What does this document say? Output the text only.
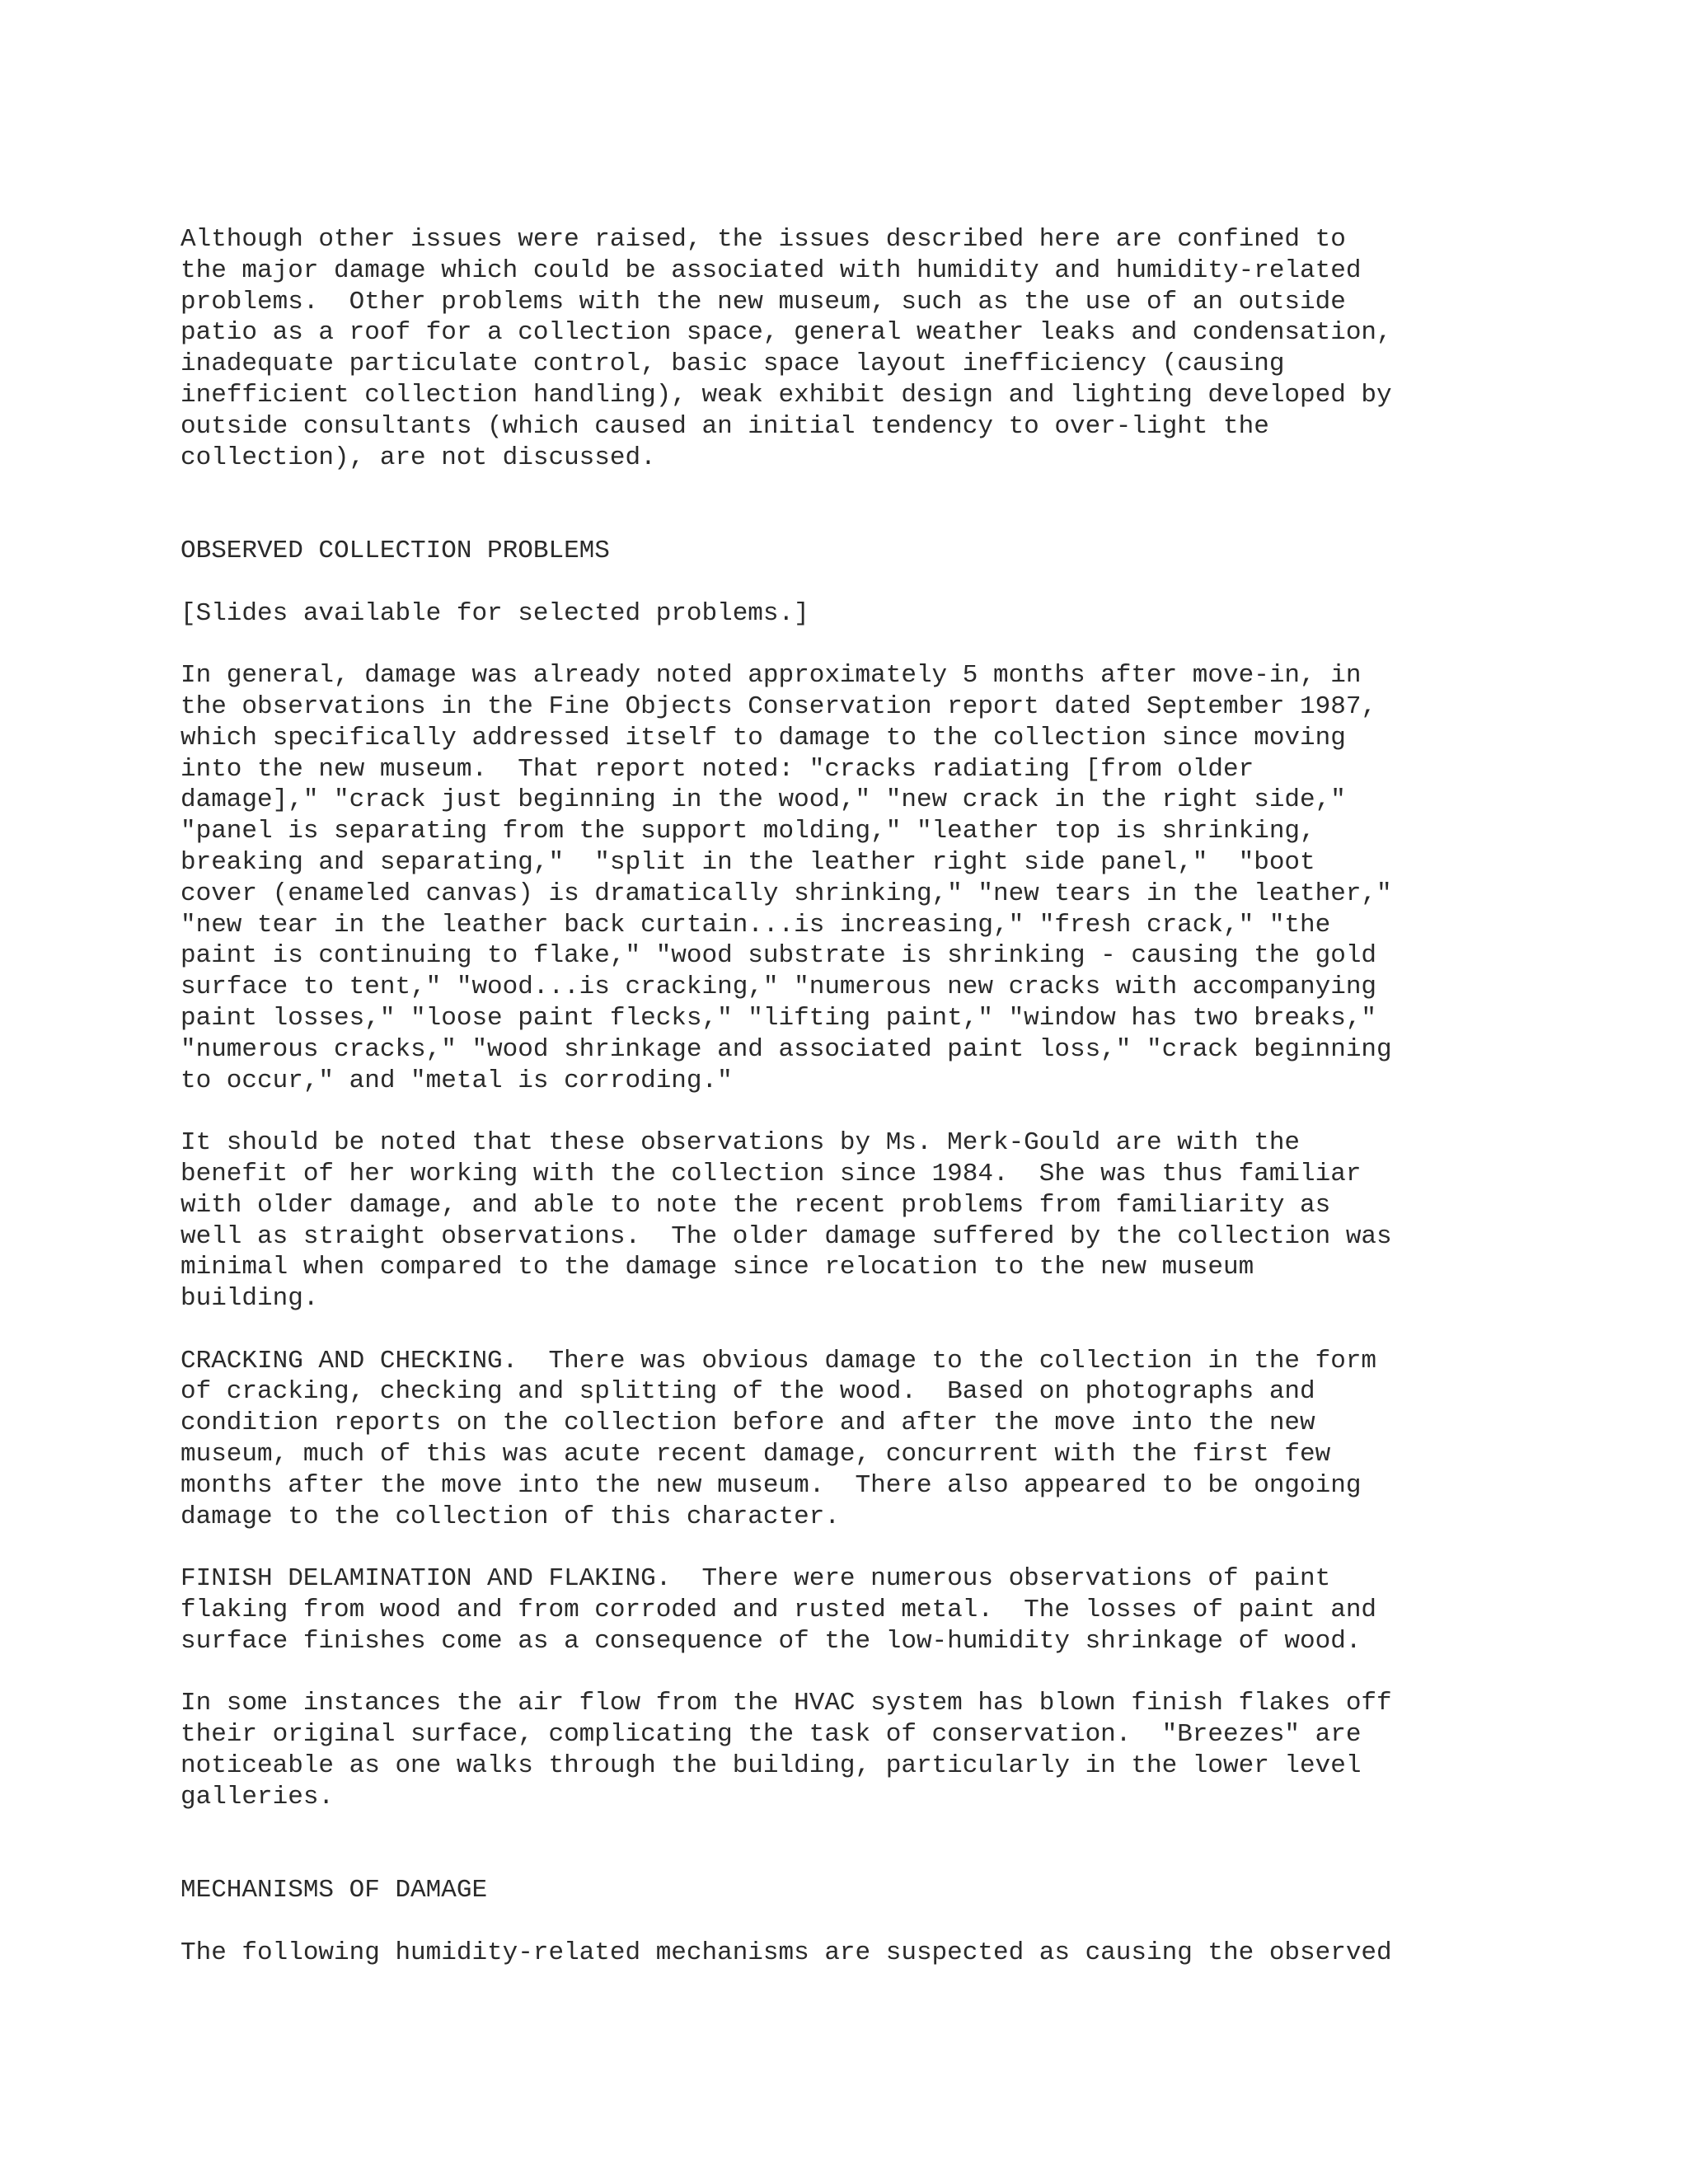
Although other issues were raised, the issues described here are confined to
the major damage which could be associated with humidity and humidity-related
problems.  Other problems with the new museum, such as the use of an outside
patio as a roof for a collection space, general weather leaks and condensation,
inadequate particulate control, basic space layout inefficiency (causing
inefficient collection handling), weak exhibit design and lighting developed by
outside consultants (which caused an initial tendency to over-light the
collection), are not discussed.
OBSERVED COLLECTION PROBLEMS
[Slides available for selected problems.]
In general, damage was already noted approximately 5 months after move-in, in
the observations in the Fine Objects Conservation report dated September 1987,
which specifically addressed itself to damage to the collection since moving
into the new museum.  That report noted: "cracks radiating [from older
damage]," "crack just beginning in the wood," "new crack in the right side,"
"panel is separating from the support molding," "leather top is shrinking,
breaking and separating,"  "split in the leather right side panel,"  "boot
cover (enameled canvas) is dramatically shrinking," "new tears in the leather,"
"new tear in the leather back curtain...is increasing," "fresh crack," "the
paint is continuing to flake," "wood substrate is shrinking - causing the gold
surface to tent," "wood...is cracking," "numerous new cracks with accompanying
paint losses," "loose paint flecks," "lifting paint," "window has two breaks,"
"numerous cracks," "wood shrinkage and associated paint loss," "crack beginning
to occur," and "metal is corroding."
It should be noted that these observations by Ms. Merk-Gould are with the
benefit of her working with the collection since 1984.  She was thus familiar
with older damage, and able to note the recent problems from familiarity as
well as straight observations.  The older damage suffered by the collection was
minimal when compared to the damage since relocation to the new museum
building.
CRACKING AND CHECKING.  There was obvious damage to the collection in the form
of cracking, checking and splitting of the wood.  Based on photographs and
condition reports on the collection before and after the move into the new
museum, much of this was acute recent damage, concurrent with the first few
months after the move into the new museum.  There also appeared to be ongoing
damage to the collection of this character.
FINISH DELAMINATION AND FLAKING.  There were numerous observations of paint
flaking from wood and from corroded and rusted metal.  The losses of paint and
surface finishes come as a consequence of the low-humidity shrinkage of wood.
In some instances the air flow from the HVAC system has blown finish flakes off
their original surface, complicating the task of conservation.  "Breezes" are
noticeable as one walks through the building, particularly in the lower level
galleries.
MECHANISMS OF DAMAGE
The following humidity-related mechanisms are suspected as causing the observed
